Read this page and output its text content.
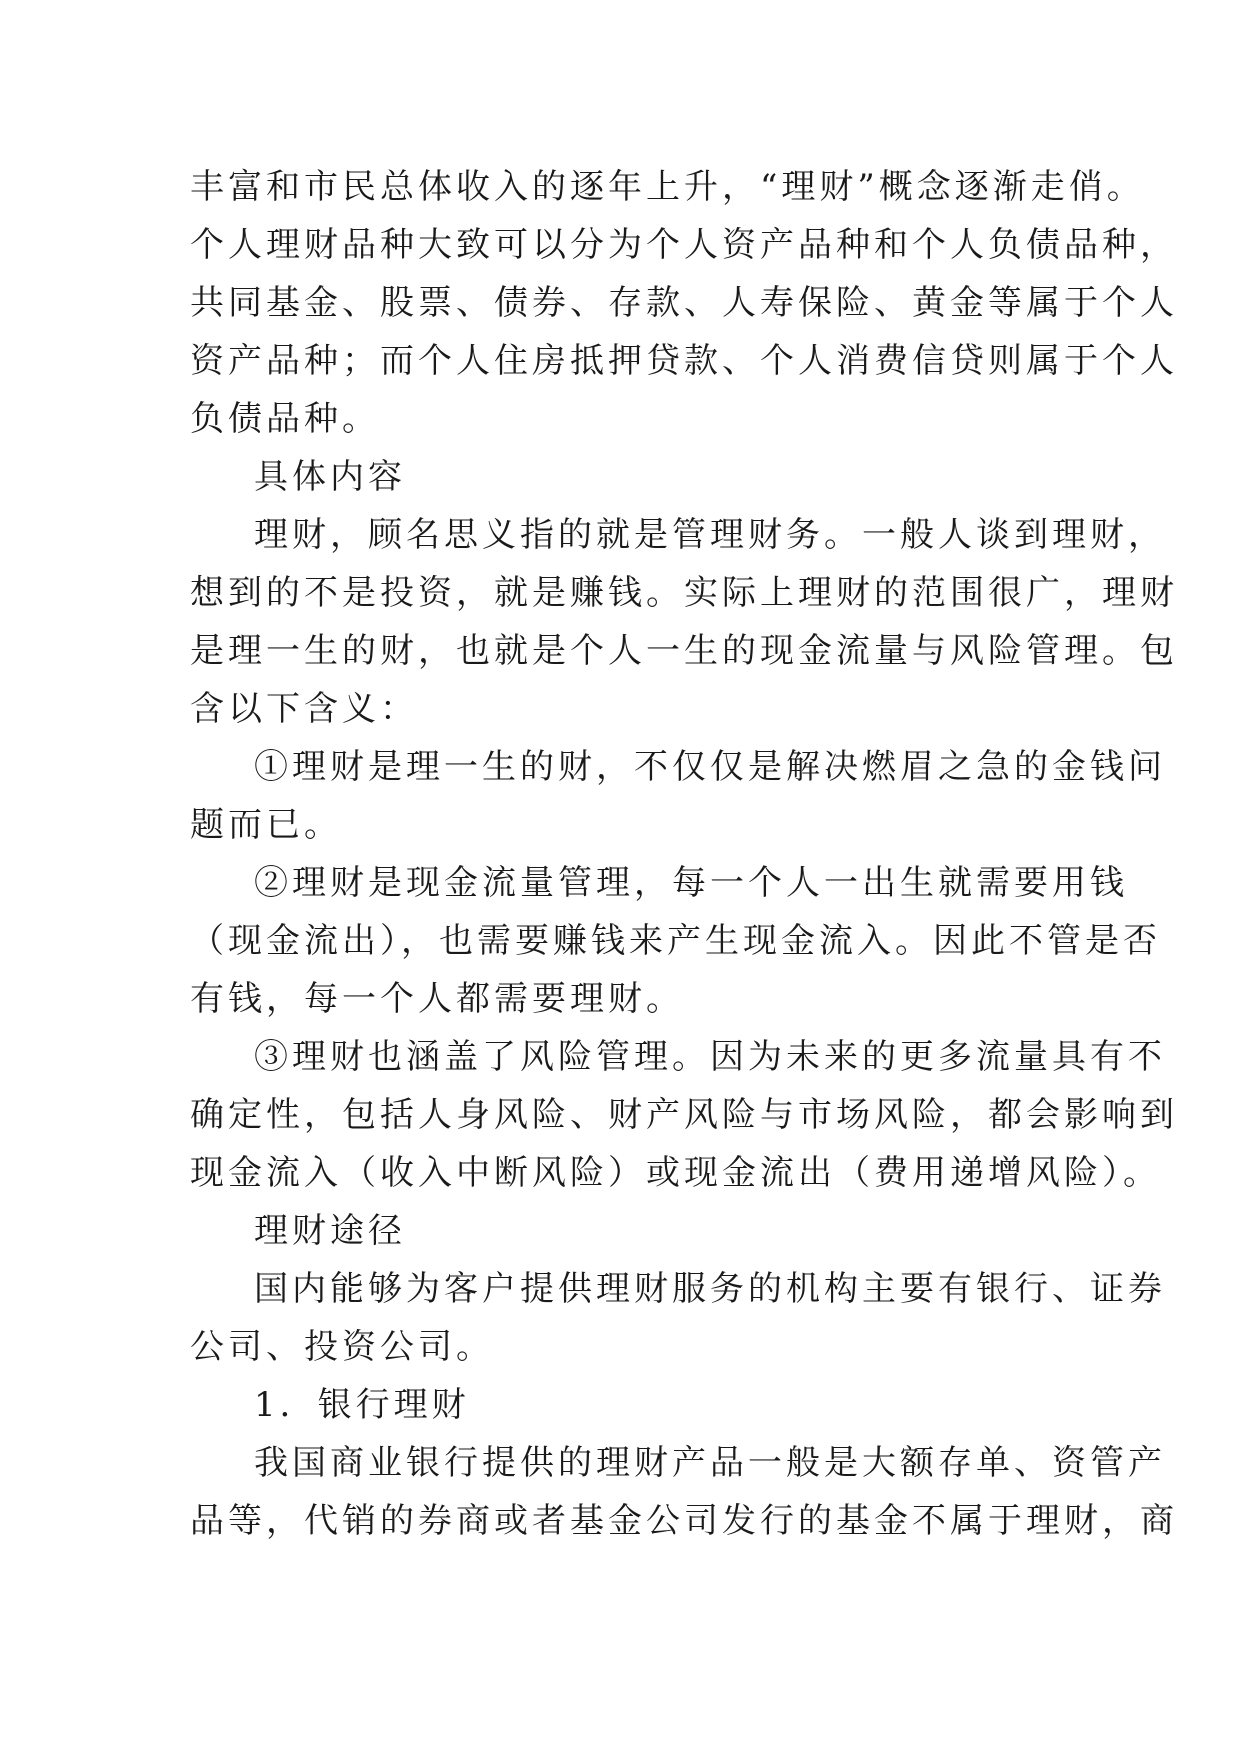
丰富和市民总体收入的逐年上升，“理财”概念逐渐走俏。
个人理财品种大致可以分为个人资产品种和个人负债品种，
共同基金、股票、债券、存款、人寿保险、黄金等属于个人
资产品种；而个人住房抵押贷款、个人消费信贷则属于个人
负债品种。
具体内容
理财，顾名思义指的就是管理财务。一般人谈到理财，
想到的不是投资，就是赚钱。实际上理财的范围很广，理财
是理一生的财，也就是个人一生的现金流量与风险管理。包
含以下含义：
①理财是理一生的财，不仅仅是解决燃眉之急的金钱问
题而已。
②理财是现金流量管理，每一个人一出生就需要用钱
（现金流出），也需要赚钱来产生现金流入。因此不管是否
有钱，每一个人都需要理财。
③理财也涵盖了风险管理。因为未来的更多流量具有不
确定性，包括人身风险、财产风险与市场风险，都会影响到
现金流入（收入中断风险）或现金流出（费用递增风险）。
理财途径
国内能够为客户提供理财服务的机构主要有银行、证券
公司、投资公司。
1．银行理财
我国商业银行提供的理财产品一般是大额存单、资管产
品等，代销的券商或者基金公司发行的基金不属于理财，商
